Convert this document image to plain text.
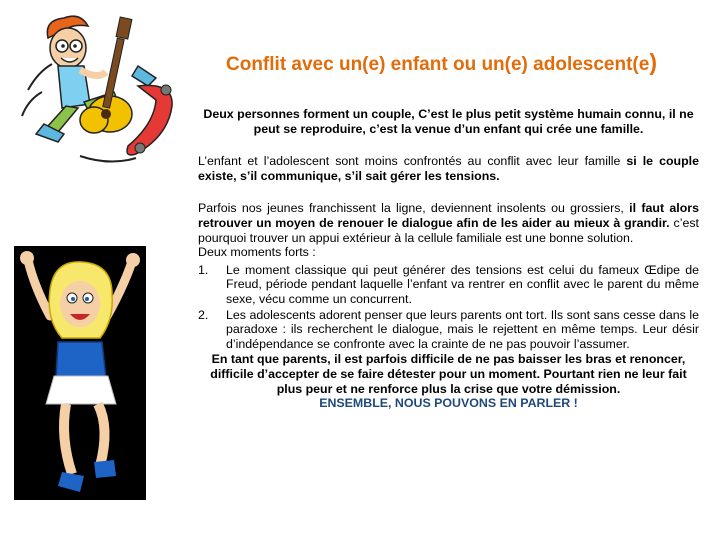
Conflit avec un(e) enfant ou un(e) adolescent(e)

Deux personnes forment un couple, C’est le plus petit système humain connu, il ne peut se reproduire, c’est la venue d’un enfant qui crée une famille.

L’enfant et l’adolescent sont moins confrontés au conflit avec leur famille si le couple existe, s’il communique, s’il sait gérer les tensions.

Parfois nos jeunes franchissent la ligne, deviennent insolents ou grossiers, il faut alors retrouver un moyen de renouer le dialogue afin de les aider au mieux à grandir. c’est pourquoi trouver un appui extérieur à la cellule familiale est une bonne solution.

Deux moments forts :

1. Le moment classique qui peut générer des tensions est celui du fameux Œdipe de Freud, période pendant laquelle l’enfant va rentrer en conflit avec le parent du même sexe, vécu comme un concurrent.
2. Les adolescents adorent penser que leurs parents ont tort. Ils sont sans cesse dans le paradoxe : ils recherchent le dialogue, mais le rejettent en même temps. Leur désir d’indépendance se confronte avec la crainte de ne pas pouvoir l’assumer.

En tant que parents, il est parfois difficile de ne pas baisser les bras et renoncer, difficile d’accepter de se faire détester pour un moment. Pourtant rien ne leur fait plus peur et ne renforce plus la crise que votre démission.

ENSEMBLE, NOUS POUVONS EN PARLER !
